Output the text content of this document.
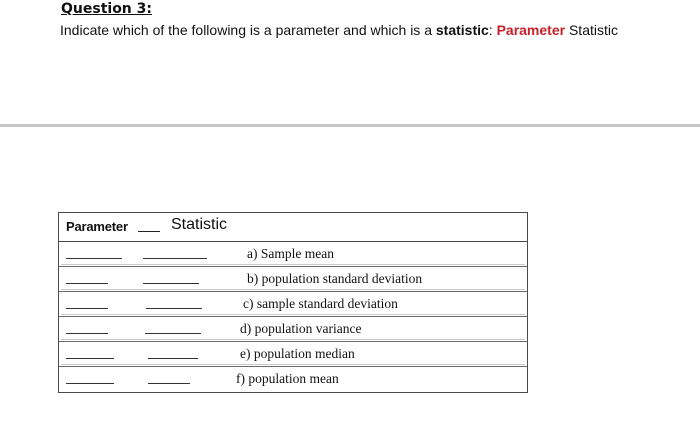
Question 3:
Indicate which of the following is a parameter and which is a statistic: Parameter Statistic
Parameter	Statistic
a) Sample mean
b) population standard deviation
c) sample standard deviation
d) population variance
e) population median
f) population mean
